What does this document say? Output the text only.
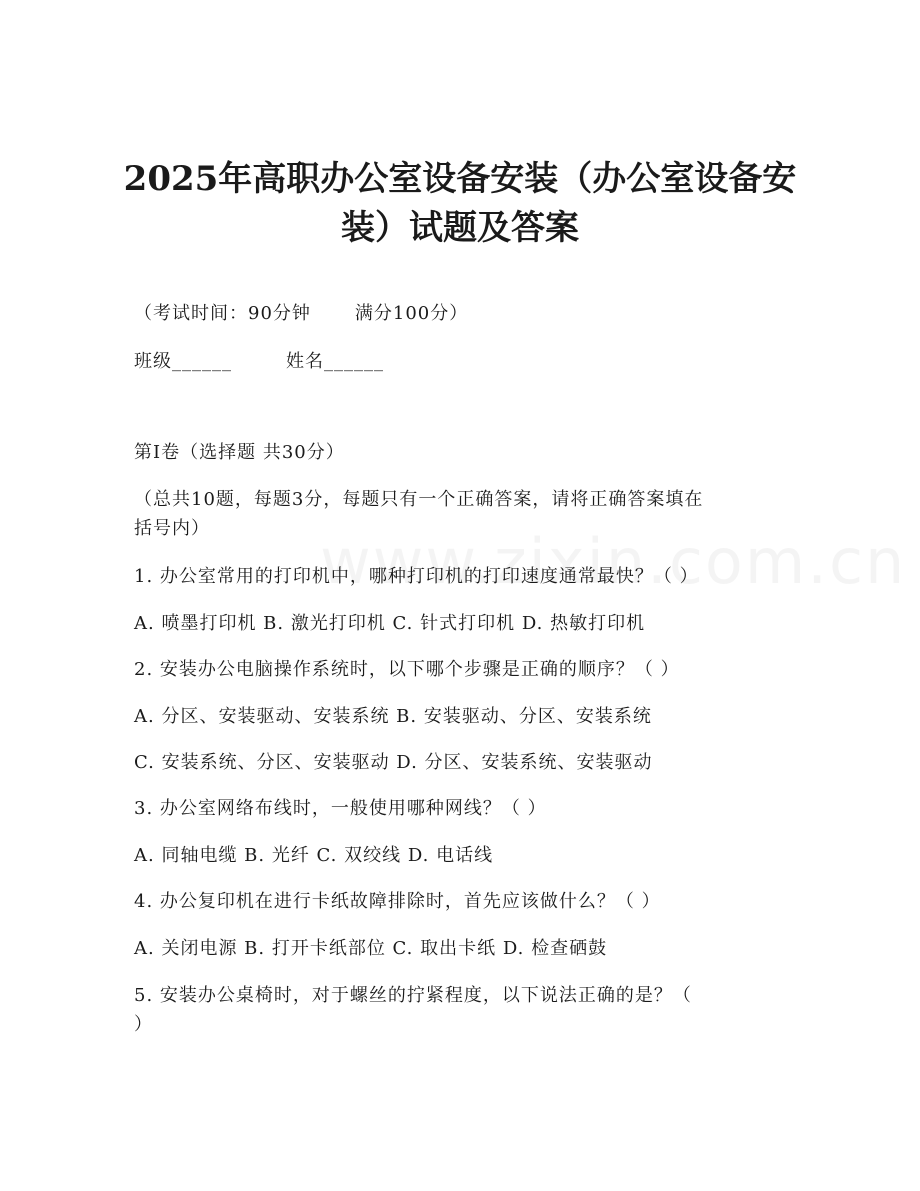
2025年高职办公室设备安装（办公室设备安
装）试题及答案
（考试时间：90分钟 满分100分）
班级______	姓名______
第I卷（选择题 共30分）
（总共10题，每题3分，每题只有一个正确答案，请将正确答案填在
括号内）
1. 办公室常用的打印机中，哪种打印机的打印速度通常最快？（ ）
A. 喷墨打印机 B. 激光打印机 C. 针式打印机 D. 热敏打印机
2. 安装办公电脑操作系统时，以下哪个步骤是正确的顺序？（ ）
A. 分区、安装驱动、安装系统 B. 安装驱动、分区、安装系统
C. 安装系统、分区、安装驱动 D. 分区、安装系统、安装驱动
3. 办公室网络布线时，一般使用哪种网线？（ ）
A. 同轴电缆 B. 光纤 C. 双绞线 D. 电话线
4. 办公复印机在进行卡纸故障排除时，首先应该做什么？（ ）
A. 关闭电源 B. 打开卡纸部位 C. 取出卡纸 D. 检查硒鼓
5. 安装办公桌椅时，对于螺丝的拧紧程度，以下说法正确的是？（
）
